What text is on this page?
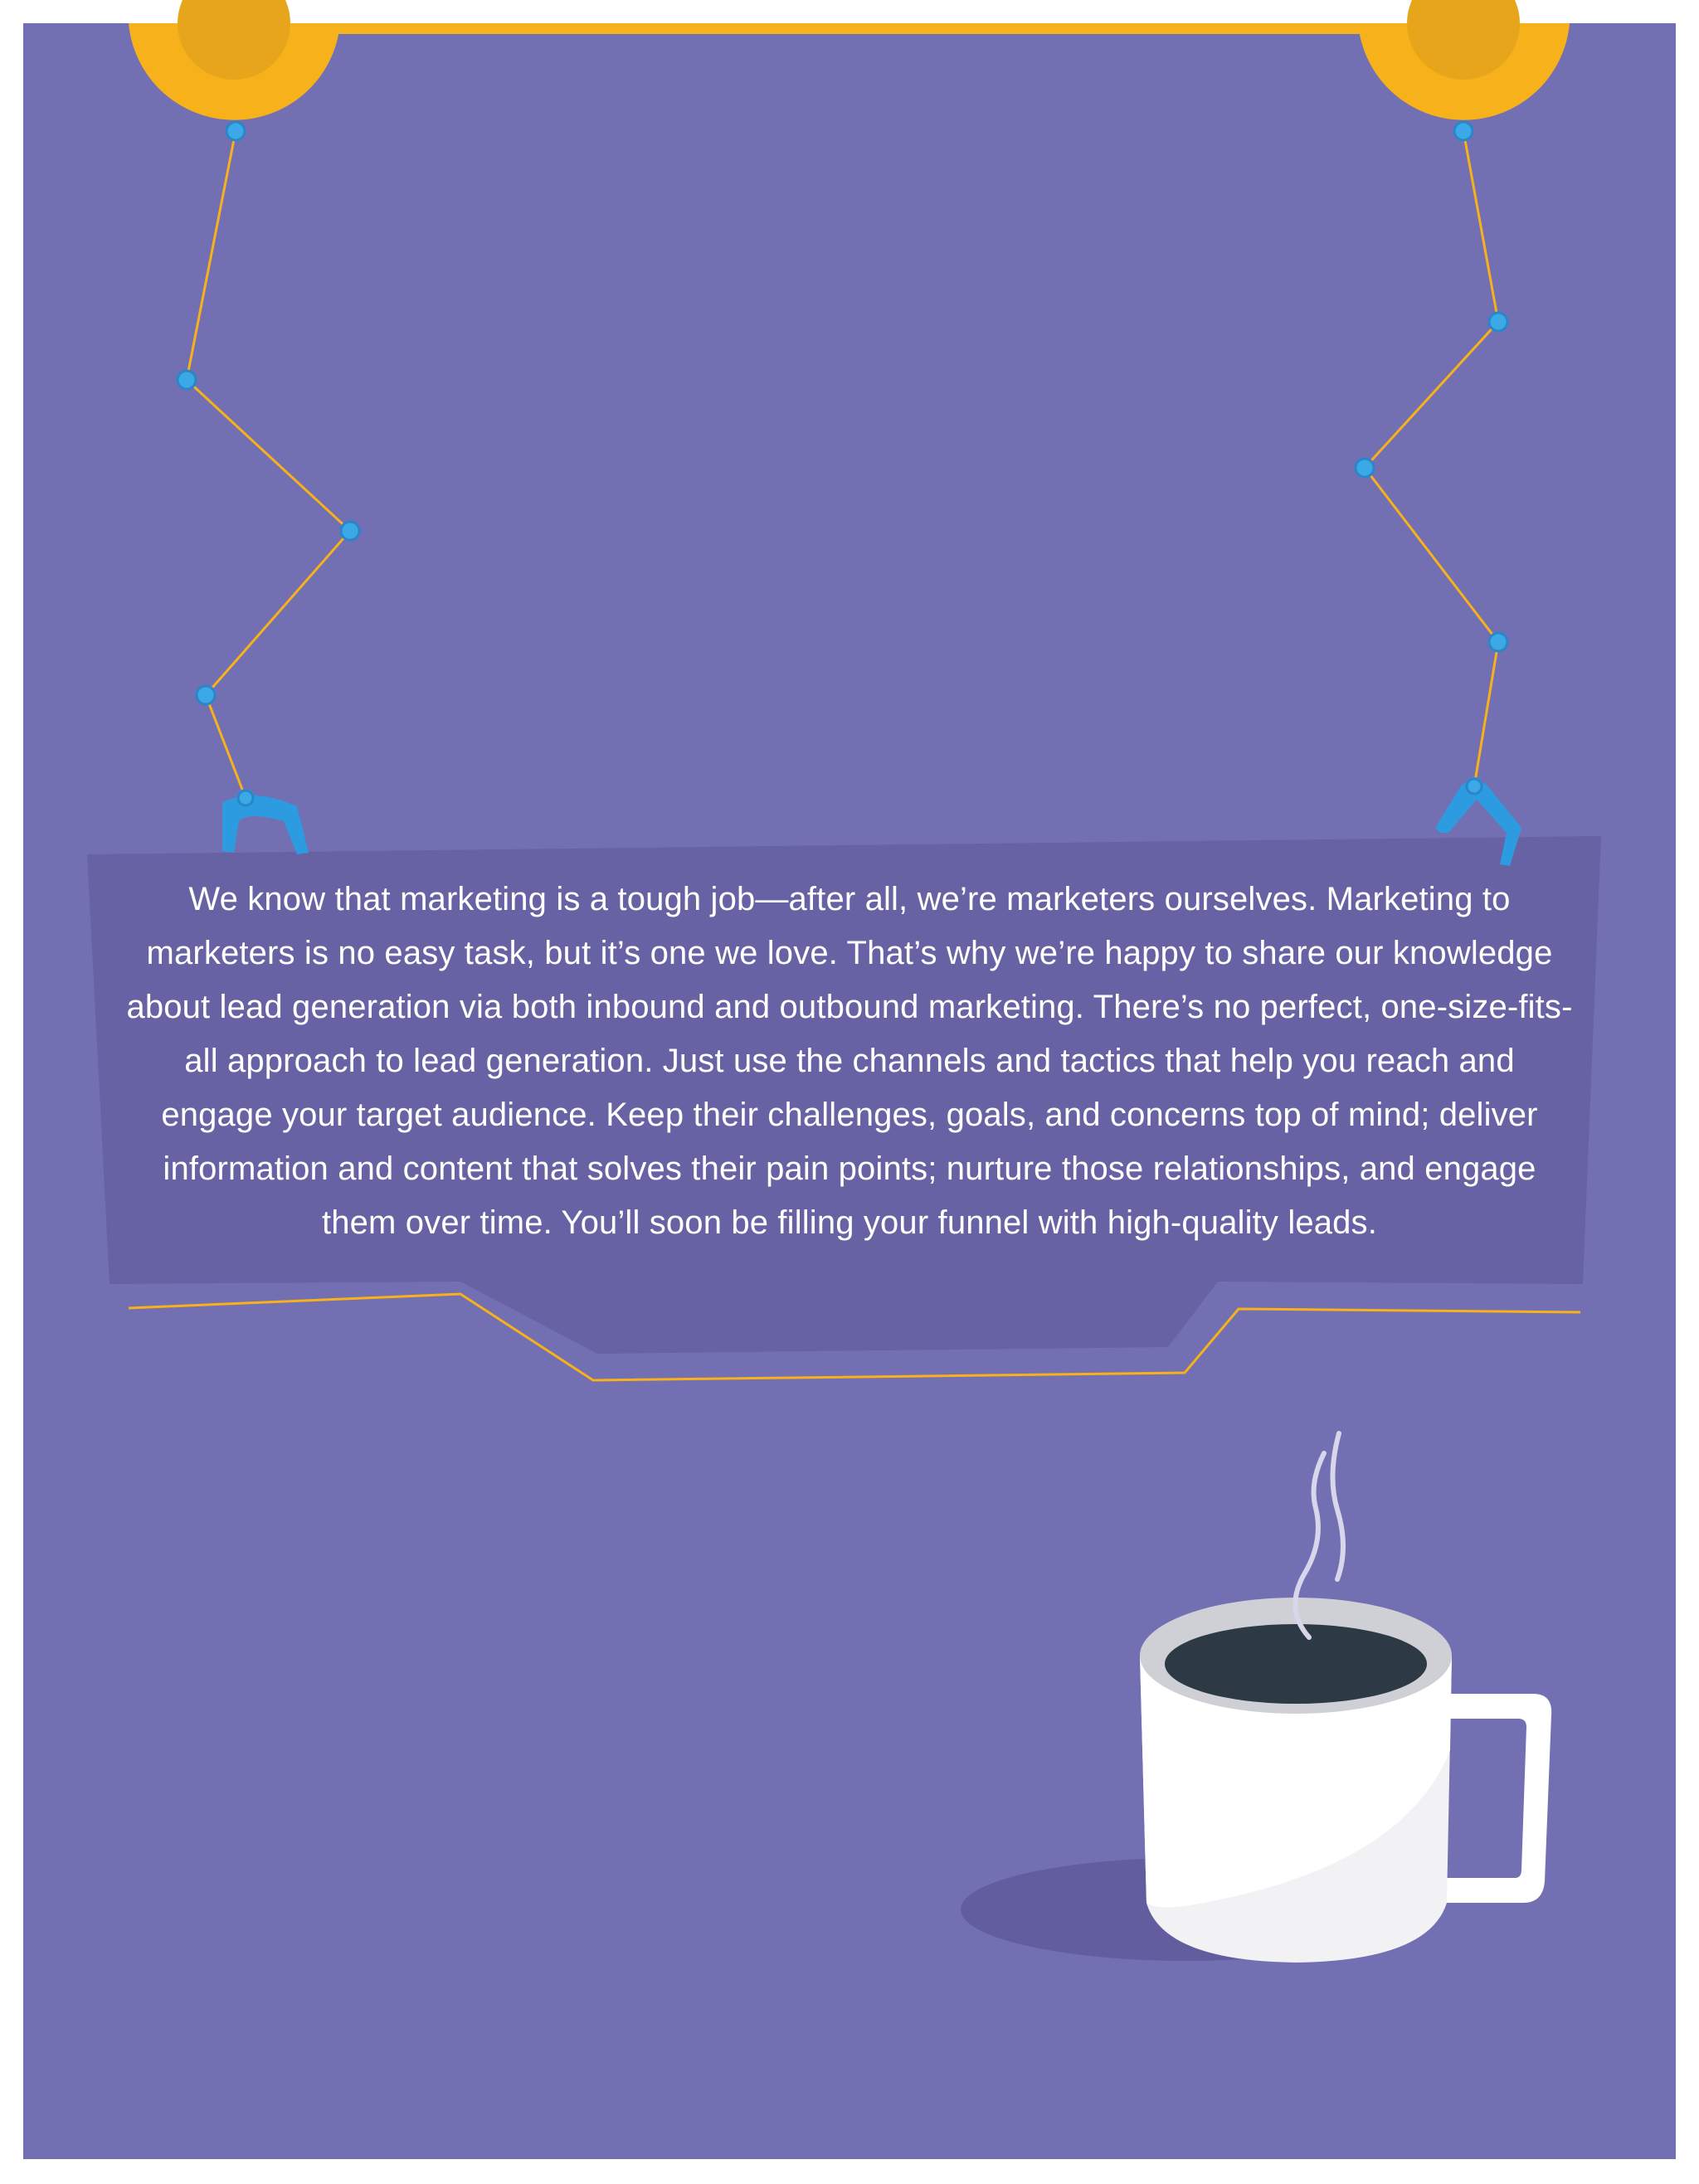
We know that marketing is a tough job—after all, we’re marketers ourselves. Marketing to marketers is no easy task, but it’s one we love. That’s why we’re happy to share our knowledge about lead generation via both inbound and outbound marketing. There’s no perfect, one-size-fits-all approach to lead generation. Just use the channels and tactics that help you reach and engage your target audience. Keep their challenges, goals, and concerns top of mind; deliver information and content that solves their pain points; nurture those relationships, and engage them over time. You’ll soon be filling your funnel with high-quality leads.
